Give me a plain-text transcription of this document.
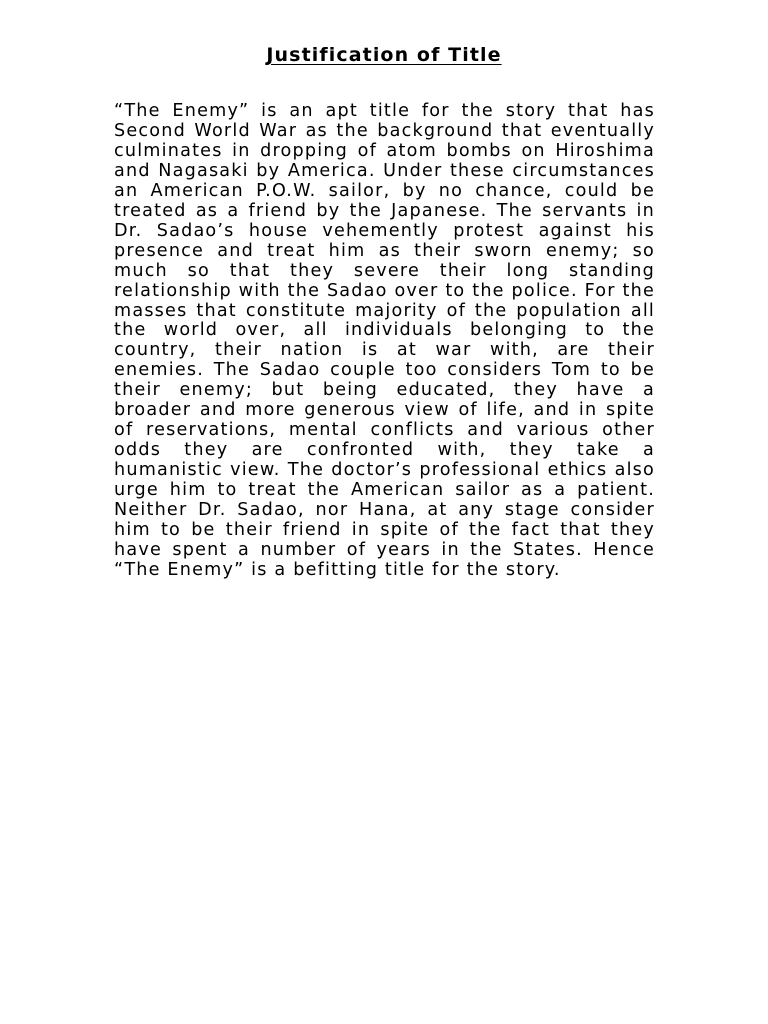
Justification of Title

“The Enemy” is an apt title for the story that has Second World War as the background that eventually culminates in dropping of atom bombs on Hiroshima and Nagasaki by America. Under these circumstances an American P.O.W. sailor, by no chance, could be treated as a friend by the Japanese. The servants in Dr. Sadao’s house vehemently protest against his presence and treat him as their sworn enemy; so much so that they severe their long standing relationship with the Sadao over to the police. For the masses that constitute majority of the population all the world over, all individuals belonging to the country, their nation is at war with, are their enemies. The Sadao couple too considers Tom to be their enemy; but being educated, they have a broader and more generous view of life, and in spite of reservations, mental conflicts and various other odds they are confronted with, they take a humanistic view. The doctor’s professional ethics also urge him to treat the American sailor as a patient. Neither Dr. Sadao, nor Hana, at any stage consider him to be their friend in spite of the fact that they have spent a number of years in the States. Hence “The Enemy” is a befitting title for the story.
